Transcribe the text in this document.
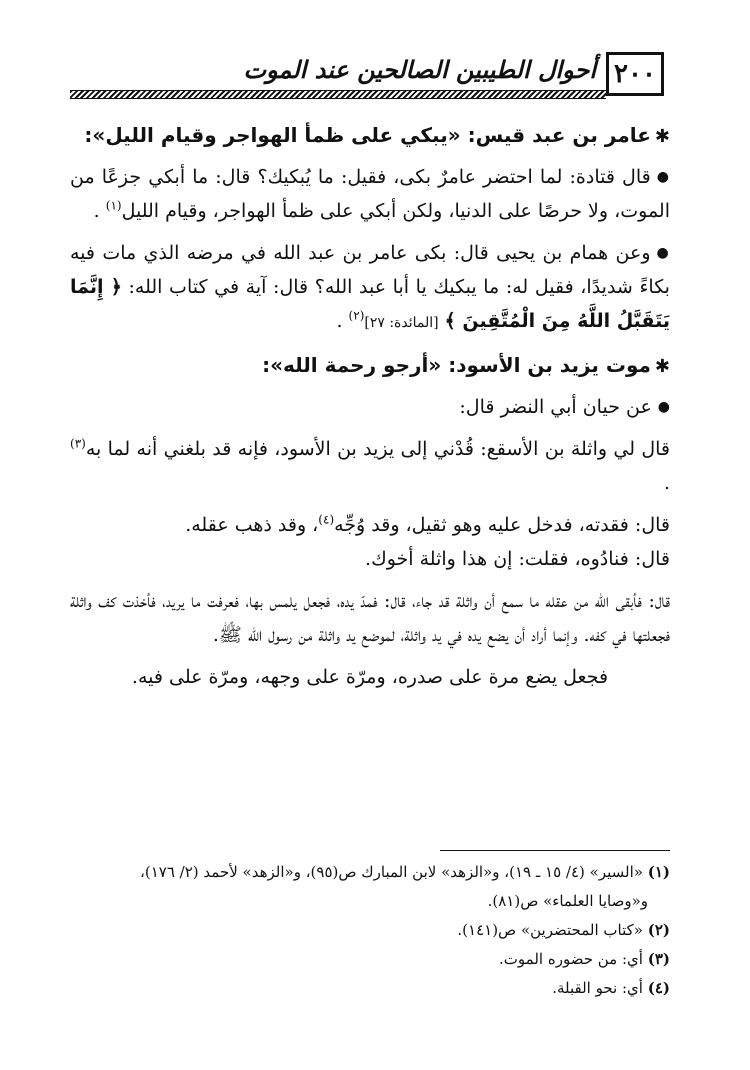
٢٠٠
أحوال الطيبين الصالحين عند الموت
✱عامر بن عبد قيس: «يبكي على ظمأ الهواجر وقيام الليل»:

●قال قتادة: لما احتضر عامرٌ بكى، فقيل: ما يُبكيك؟ قال: ما أبكي جزعًا من الموت، ولا حرصًا على الدنيا، ولكن أبكي على ظمأ الهواجر، وقيام الليل$^{(١)}$ .

●وعن همام بن يحيى قال: بكى عامر بن عبد الله في مرضه الذي مات فيه بكاءً شديدًا، فقيل له: ما يبكيك يا أبا عبد الله؟ قال: آية في كتاب الله: ﴿ إِنَّمَا يَتَقَبَّلُ اللَّهُ مِنَ الْمُتَّقِينَ ﴾ [المائدة: ٢٧]$^{(٢)}$ .

✱موت يزيد بن الأسود: «أرجو رحمة الله»:

●عن حيان أبي النضر قال:

قال لي واثلة بن الأسقع: قُدْني إلى يزيد بن الأسود، فإنه قد بلغني أنه لما به$^{(٣)}$ .

قال: فقدته، فدخل عليه وهو ثقيل، وقد وُجِّه$^{(٤)}$، وقد ذهب عقله.

قال: فنادُوه، فقلت: إن هذا واثلة أخوك.

قال: فأبقى الله من عقله ما سمع أن واثلة قد جاء، قال: فمدّ يده، فجعل يلمس بها، فعرفت ما يريد، فأخذت كف واثلة فجعلتها في كفه. وإنما أراد أن يضع يده في يد واثلة، لموضع يد واثلة من رسول الله ﷺ.

فجعل يضع مرة على صدره، ومرّة على وجهه، ومرّة على فيه.

(١) «السير» (٤/ ١٥ ـ ١٩)، و«الزهد» لابن المبارك ص(٩٥)، و«الزهد» لأحمد (٢/ ١٧٦)،
و«وصايا العلماء» ص(٨١).
(٢) «كتاب المحتضرين» ص(١٤١).
(٣) أي: من حضوره الموت.
(٤) أي: نحو القبلة.
